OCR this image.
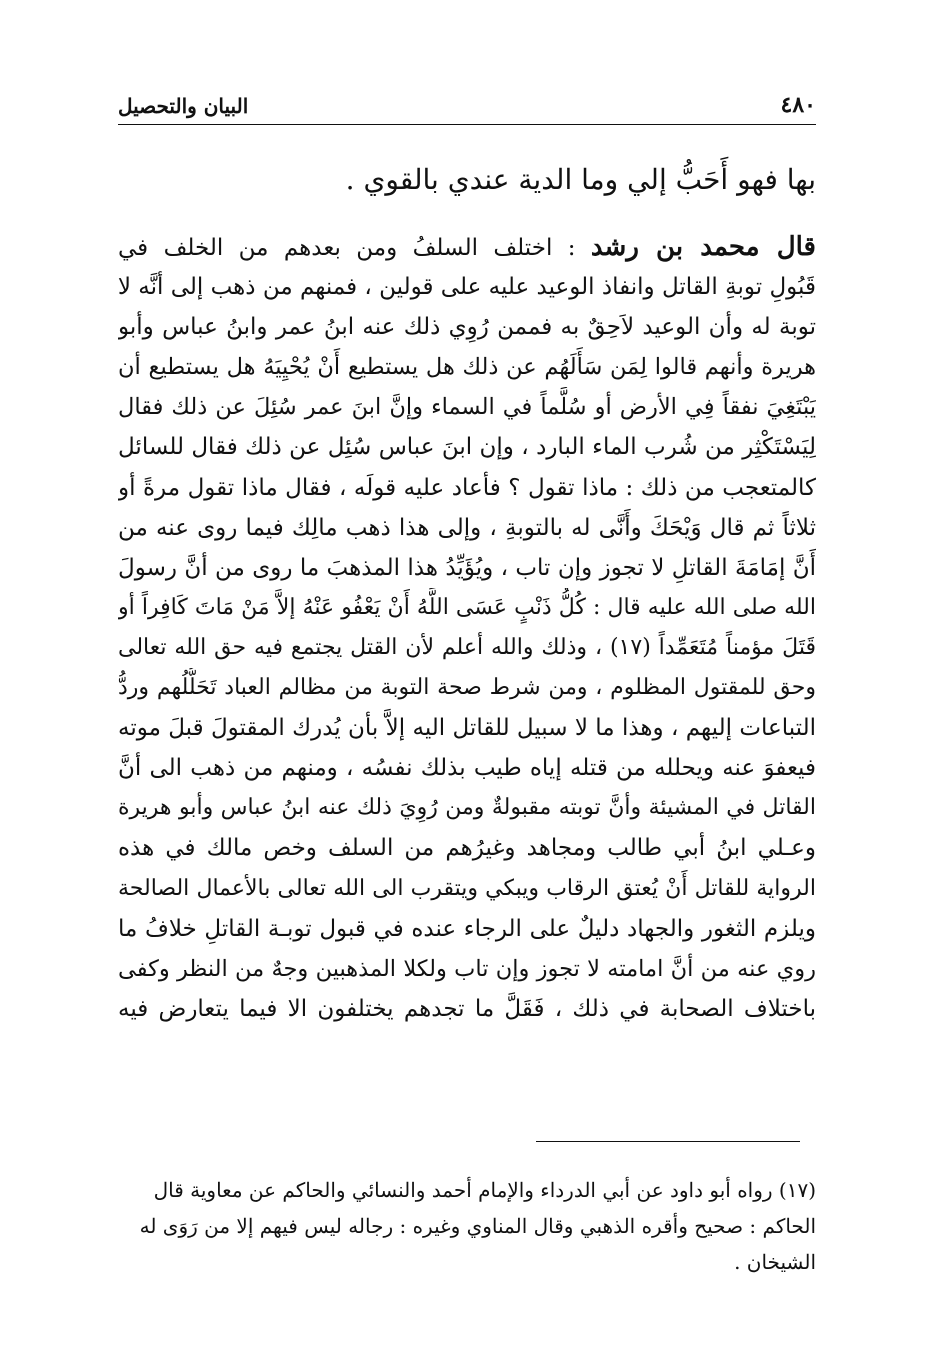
٤٨٠
البيان والتحصيل
بها فهو أَحَبُّ إلي وما الدية عندي بالقوي .
قال محمد بن رشد : اختلف السلفُ ومن بعدهم من الخلف في
قَبُولِ توبةِ القاتل وانفاذ الوعيد عليه على قولين ، فمنهم من ذهب إلى أنَّه لا
توبة له وأن الوعيد لاَحِقٌ به فممن رُوِي ذلك عنه ابنُ عمر وابنُ عباس وأبو
هريرة وأنهم قالوا لِمَن سَأَلَهُم عن ذلك هل يستطيع أَنْ يُحْيِيَهُ هل يستطيع أن
يَبْتَغِيَ نفقاً فِي الأرض أو سُلَّماً في السماء وإنَّ ابنَ عمر سُئِلَ عن ذلك فقال
لِيَسْتَكْثِر من شُرب الماء البارد ، وإن ابنَ عباس سُئِل عن ذلك فقال للسائل
كالمتعجب من ذلك : ماذا تقول ؟ فأعاد عليه قولَه ، فقال ماذا تقول مرةً أو
ثلاثاً ثم قال وَيْحَكَ وأَنَّى له بالتوبةِ ، وإلى هذا ذهب مالِك فيما روى عنه من
أَنَّ إمَامَةَ القاتلِ لا تجوز وإن تاب ، ويُؤَيِّدُ هذا المذهبَ ما روى من أنَّ رسولَ
الله صلى الله عليه قال : كُلُّ ذَنْبٍ عَسَى اللَّهُ أَنْ يَعْفُو عَنْهُ إلاَّ مَنْ مَاتَ كَافِراً أو
قَتَلَ مؤمناً مُتَعَمِّداً (١٧) ، وذلك والله أعلم لأن القتل يجتمع فيه حق الله تعالى
وحق للمقتول المظلوم ، ومن شرط صحة التوبة من مظالم العباد تَحَلُّلُهم وردُّ
التباعات إليهم ، وهذا ما لا سبيل للقاتل اليه إلاَّ بأن يُدرك المقتولَ قبلَ موته
فيعفوَ عنه ويحلله من قتله إياه طيب بذلك نفسُه ، ومنهم من ذهب الى أنَّ
القاتل في المشيئة وأنَّ توبته مقبولةٌ ومن رُوِيَ ذلك عنه ابنُ عباس وأبو هريرة
وعـلي ابنُ أبي طالب ومجاهد وغيرُهم من السلف وخص مالك في هذه
الرواية للقاتل أَنْ يُعتق الرقاب ويبكي ويتقرب الى الله تعالى بالأعمال الصالحة
ويلزم الثغور والجهاد دليلٌ على الرجاء عنده في قبول توبـة القاتلِ خلافُ ما
روي عنه من أنَّ امامته لا تجوز وإن تاب ولكلا المذهبين وجهٌ من النظر وكفى
باختلاف الصحابة في ذلك ، فَقَلَّ ما تجدهم يختلفون الا فيما يتعارض فيه
(١٧) رواه أبو داود عن أبي الدرداء والإمام أحمد والنسائي والحاكم عن معاوية قال
الحاكم : صحيح وأقره الذهبي وقال المناوي وغيره : رجاله ليس فيهم إلا من رَوَى له
الشيخان .
